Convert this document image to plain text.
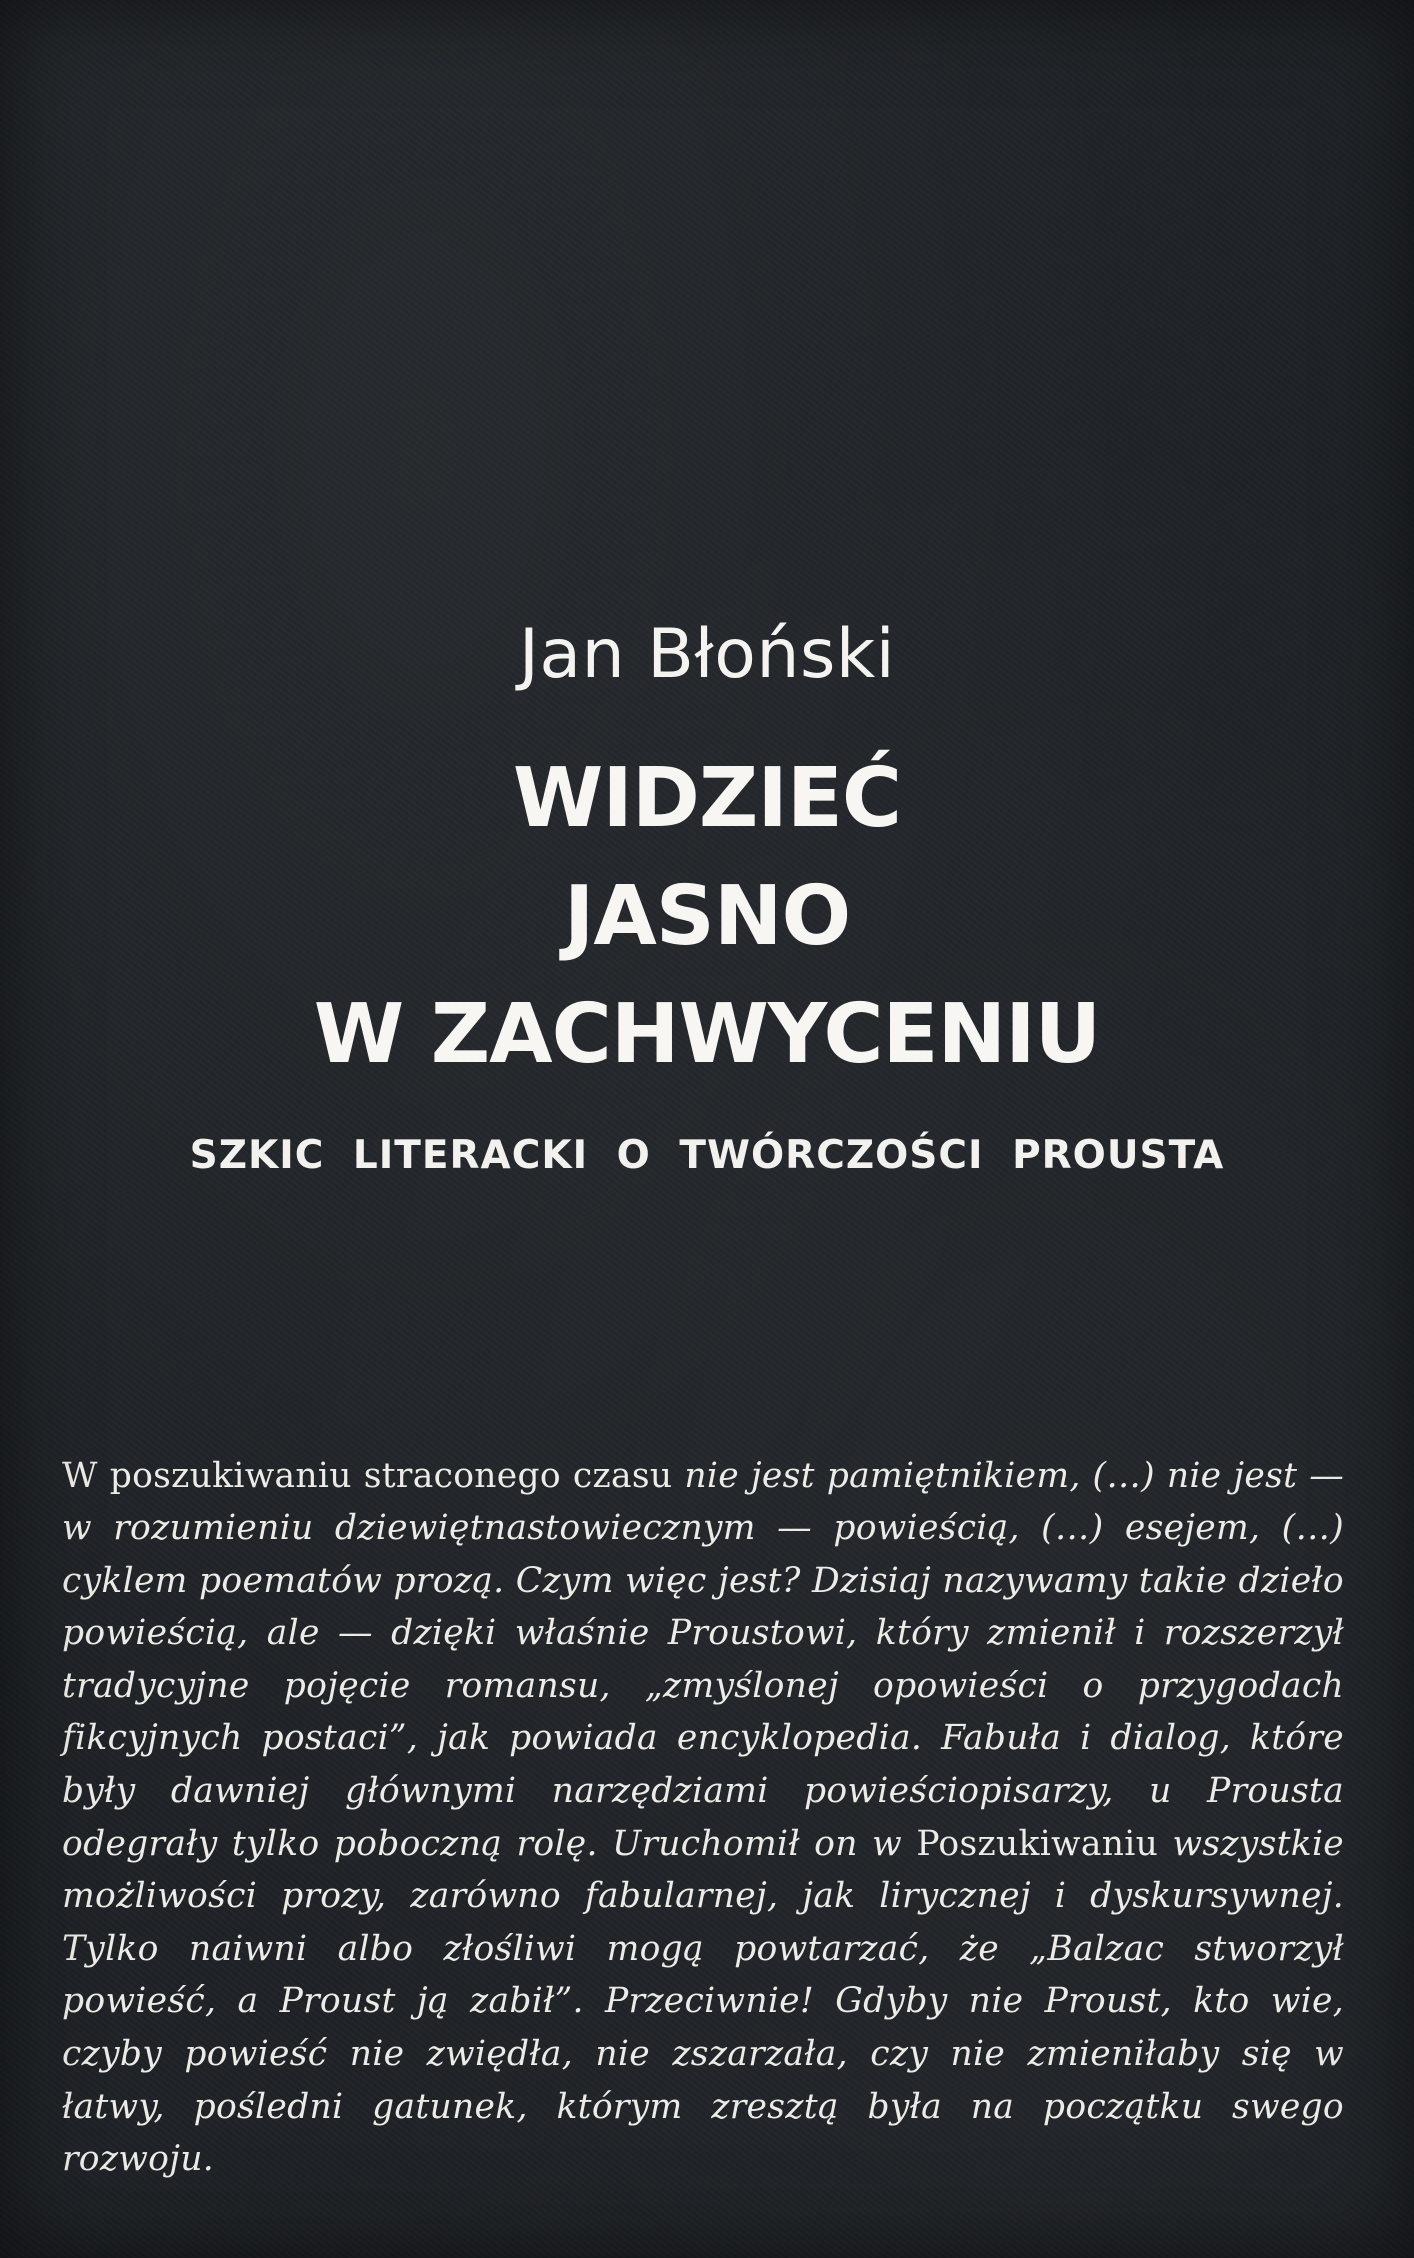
Jan Błoński
WIDZIEĆ
JASNO
W ZACHWYCENIU
SZKIC LITERACKI O TWÓRCZOŚCI PROUSTA

W poszukiwaniu straconego czasu nie jest pamiętnikiem, (…) nie jest — w rozumieniu dziewiętnastowiecznym — powieścią, (…) esejem, (…) cyklem poematów prozą. Czym więc jest? Dzisiaj nazywamy takie dzieło powieścią, ale — dzięki właśnie Proustowi, który zmienił i rozszerzył tradycyjne pojęcie romansu, „zmyślonej opowieści o przygodach fikcyjnych postaci”, jak powiada encyklopedia. Fabuła i dialog, które były dawniej głównymi narzędziami powieściopisarzy, u Prousta odegrały tylko poboczną rolę. Uruchomił on w Poszukiwaniu wszystkie możliwości prozy, zarówno fabularnej, jak lirycznej i dyskursywnej. Tylko naiwni albo złośliwi mogą powtarzać, że „Balzac stworzył powieść, a Proust ją zabił”. Przeciwnie! Gdyby nie Proust, kto wie, czyby powieść nie zwiędła, nie zszarzała, czy nie zmieniłaby się w łatwy, pośledni gatunek, którym zresztą była na początku swego rozwoju.
